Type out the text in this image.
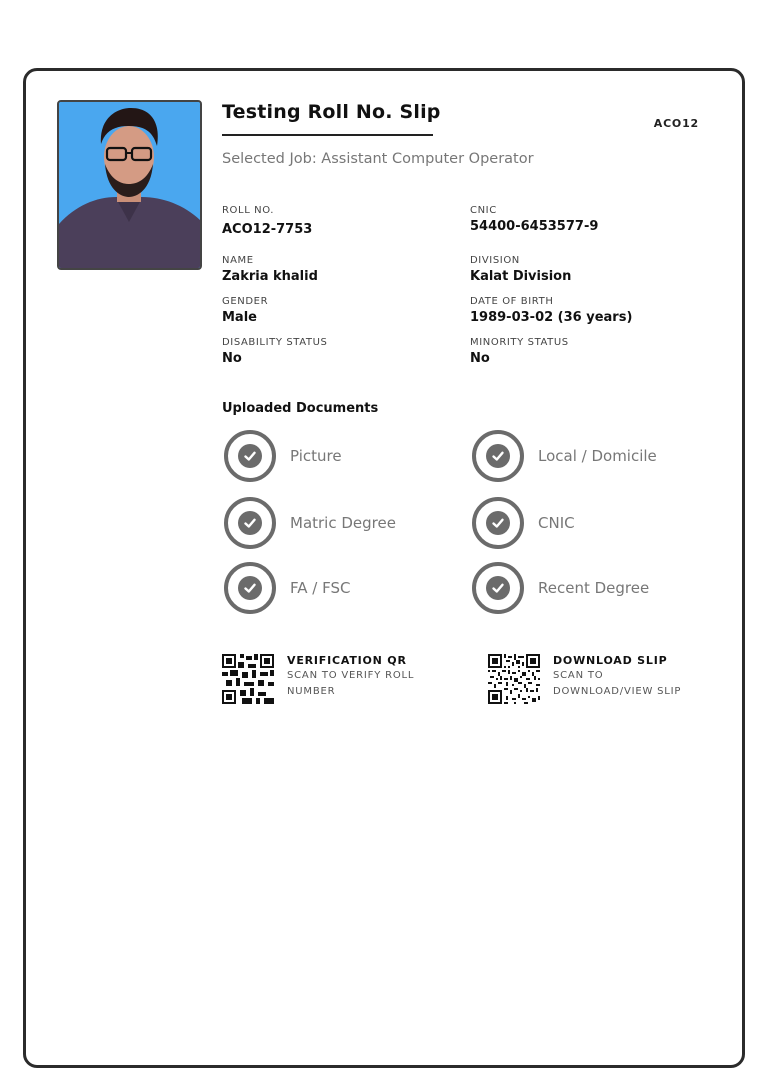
Testing Roll No. Slip
ACO12
Selected Job: Assistant Computer Operator
ROLL NO.
ACO12-7753
CNIC
54400-6453577-9
NAME
Zakria khalid
DIVISION
Kalat Division
GENDER
Male
DATE OF BIRTH
1989-03-02 (36 years)
DISABILITY STATUS
No
MINORITY STATUS
No
Uploaded Documents
Picture	Local / Domicile
Matric Degree	CNIC
FA / FSC	Recent Degree
VERIFICATION QR
SCAN TO VERIFY ROLL NUMBER
DOWNLOAD SLIP
SCAN TO DOWNLOAD/VIEW SLIP
